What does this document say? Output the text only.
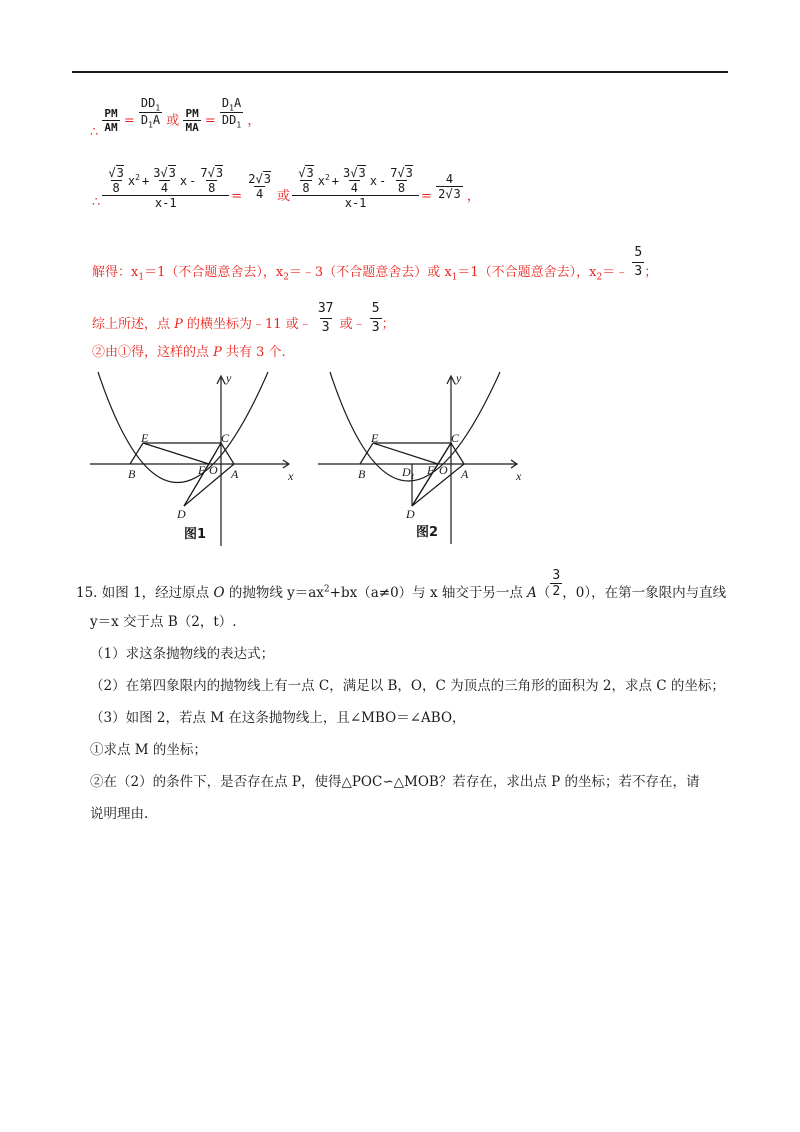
∴ $\frac{PM}{AM} = \frac{DD_1}{D_1A}$ 或 $\frac{PM}{MA} = \frac{D_1A}{DD_1}$ ，
∴ $\frac{\frac{√3}{8} x^2 + \frac{3√3}{4} x - \frac{7√3}{8}}{x-1} = \frac{2√3}{4}$ 或 $\frac{\frac{√3}{8} x^2 + \frac{3√3}{4} x - \frac{7√3}{8}}{x-1} = \frac{4}{2√3}$ ，
解得：$x_1=1$（不合题意舍去），$x_2=﹣3$（不合题意舍去）或 $x_1=1$（不合题意舍去），$x_2=﹣ \frac{5}{3}$ ；
综上所述，点 P 的横坐标为﹣11 或﹣ $\frac{37}{3}$ 或﹣ $\frac{5}{3}$ ；
②由①得，这样的点 P 共有 3 个.
x
y
E	C
B	F O A
D
图1
x
y
E	C
B	$D_1$ F O A
D
图2
15. 如图 1，经过原点 O 的抛物线 $y=ax^2+bx(a\ne 0)$与 x 轴交于另一点 $A( \frac{3}{2}$ ，0），在第一象限内与直线
y＝x 交于点 B（2，t）.
（1）求这条抛物线的表达式；
（2）在第四象限内的抛物线上有一点 C，满足以 B，O，C 为顶点的三角形的面积为 2，求点 C 的坐标；
（3）如图 2，若点 M 在这条抛物线上，且∠MBO＝∠ABO，
①求点 M 的坐标；
②在（2）的条件下，是否存在点 P，使得△POC∽△MOB？若存在，求出点 P 的坐标；若不存在，请
说明理由.
